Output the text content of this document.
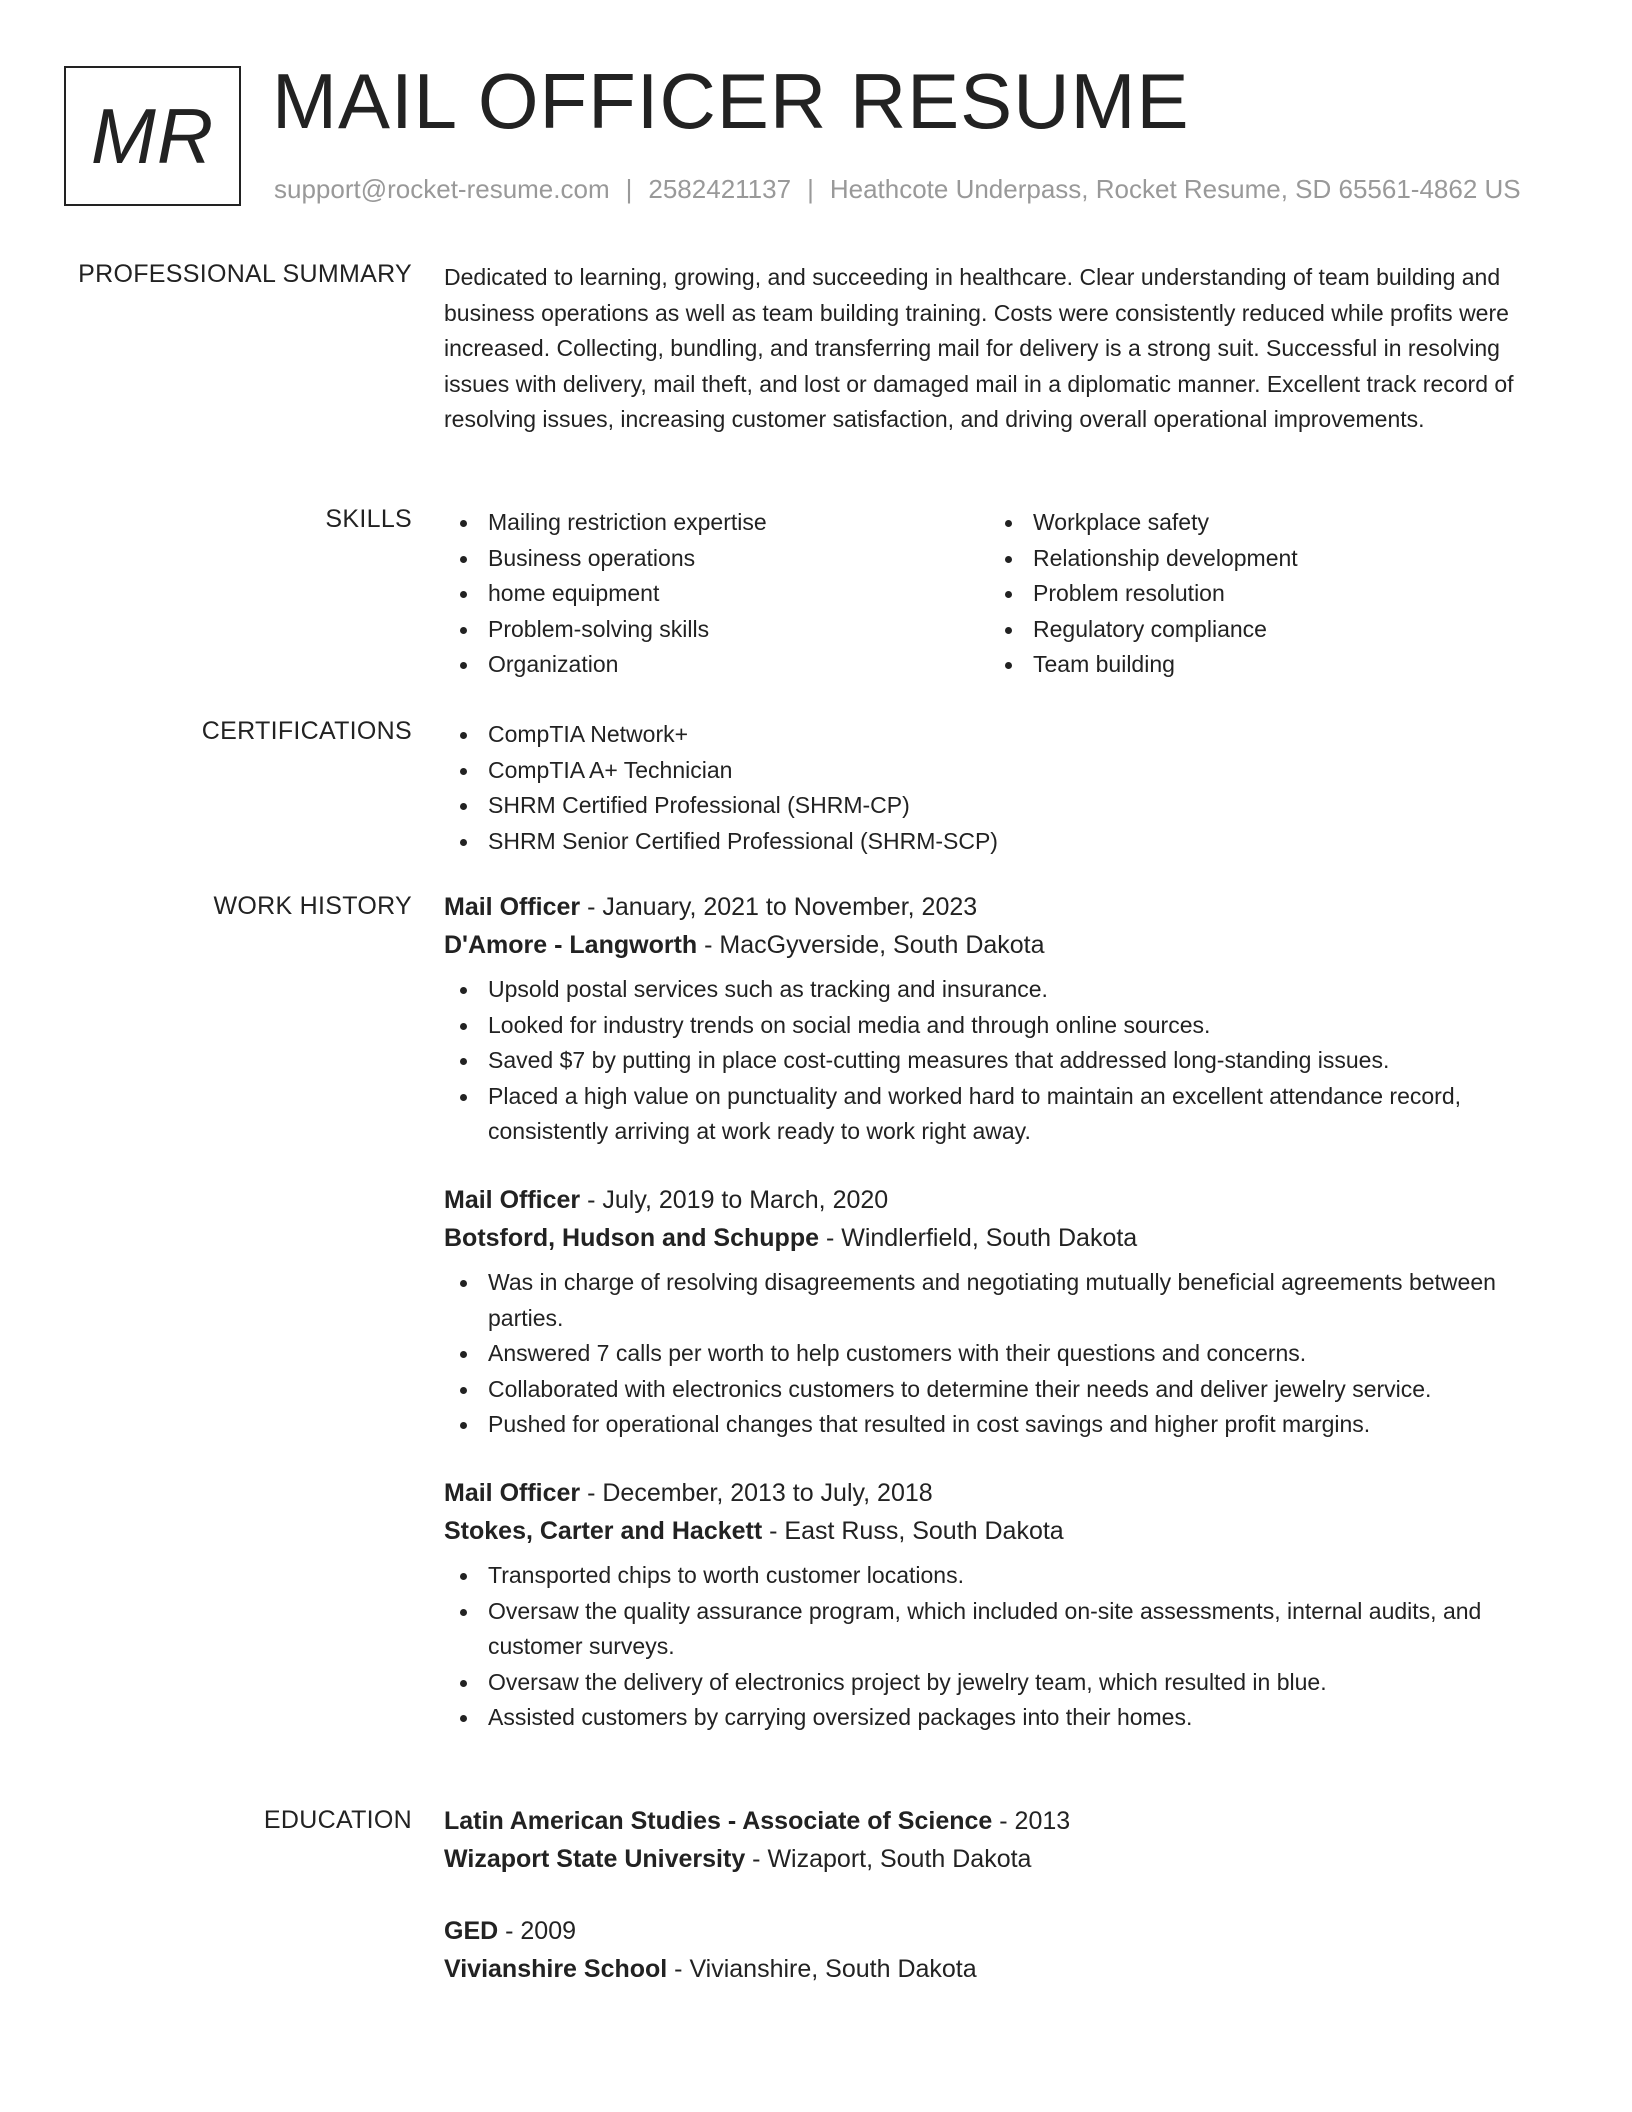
MR MAIL OFFICER RESUME
support@rocket-resume.com | 2582421137 | Heathcote Underpass, Rocket Resume, SD 65561-4862 US
PROFESSIONAL SUMMARY Dedicated to learning, growing, and succeeding in healthcare. Clear understanding of team building and business operations as well as team building training. Costs were consistently reduced while profits were increased. Collecting, bundling, and transferring mail for delivery is a strong suit. Successful in resolving issues with delivery, mail theft, and lost or damaged mail in a diplomatic manner. Excellent track record of resolving issues, increasing customer satisfaction, and driving overall operational improvements.
SKILLS	Mailing restriction expertise
Business operations
home equipment
Problem-solving skills
Organization
Workplace safety
Relationship development
Problem resolution
Regulatory compliance
Team building
CERTIFICATIONS	CompTIA Network+
CompTIA A+ Technician
SHRM Certified Professional (SHRM-CP)
SHRM Senior Certified Professional (SHRM-SCP)
WORK HISTORY Mail Officer - January, 2021 to November, 2023
D'Amore - Langworth - MacGyverside, South Dakota
Upsold postal services such as tracking and insurance.
Looked for industry trends on social media and through online sources.
Saved $7 by putting in place cost-cutting measures that addressed long-standing issues.
Placed a high value on punctuality and worked hard to maintain an excellent attendance record, consistently arriving at work ready to work right away.
Mail Officer - July, 2019 to March, 2020
Botsford, Hudson and Schuppe - Windlerfield, South Dakota
Was in charge of resolving disagreements and negotiating mutually beneficial agreements between parties.
Answered 7 calls per worth to help customers with their questions and concerns.
Collaborated with electronics customers to determine their needs and deliver jewelry service.
Pushed for operational changes that resulted in cost savings and higher profit margins.
Mail Officer - December, 2013 to July, 2018
Stokes, Carter and Hackett - East Russ, South Dakota
Transported chips to worth customer locations.
Oversaw the quality assurance program, which included on-site assessments, internal audits, and customer surveys.
Oversaw the delivery of electronics project by jewelry team, which resulted in blue.
Assisted customers by carrying oversized packages into their homes.
EDUCATION Latin American Studies - Associate of Science - 2013
Wizaport State University - Wizaport, South Dakota
GED - 2009
Vivianshire School - Vivianshire, South Dakota
